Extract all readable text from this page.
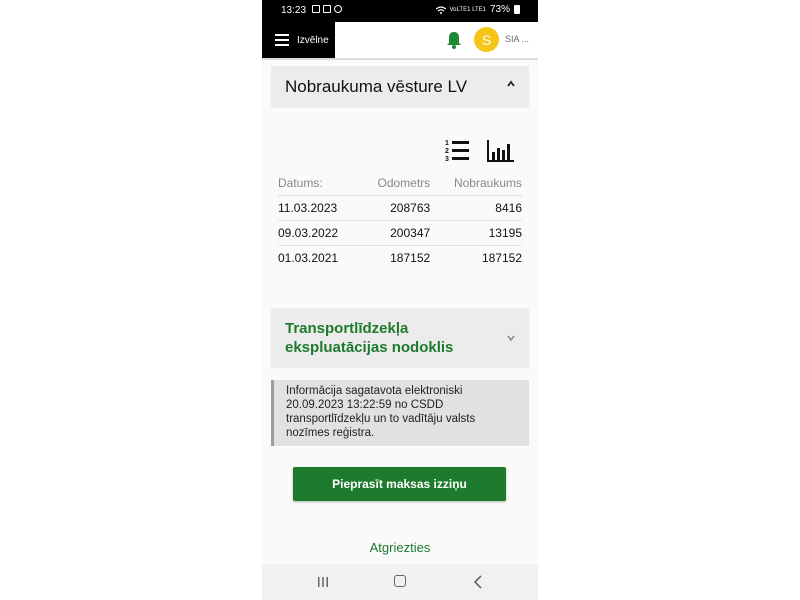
13:23	VoLTE1 LTE1 73%
Izvēlne	S SIA ...
Nobraukuma vēsture LV
1
2
3
Datums:	Odometrs	Nobraukums
11.03.2023	208763	8416
09.03.2022	200347	13195
01.03.2021	187152	187152
Transportlīdzekļa ekspluatācijas nodoklis

Informācija sagatavota elektroniski 20.09.2023 13:22:59 no CSDD transportlīdzekļu un to vadītāju valsts nozīmes reģistra.

Pieprasīt maksas izziņu
Atgriezties
